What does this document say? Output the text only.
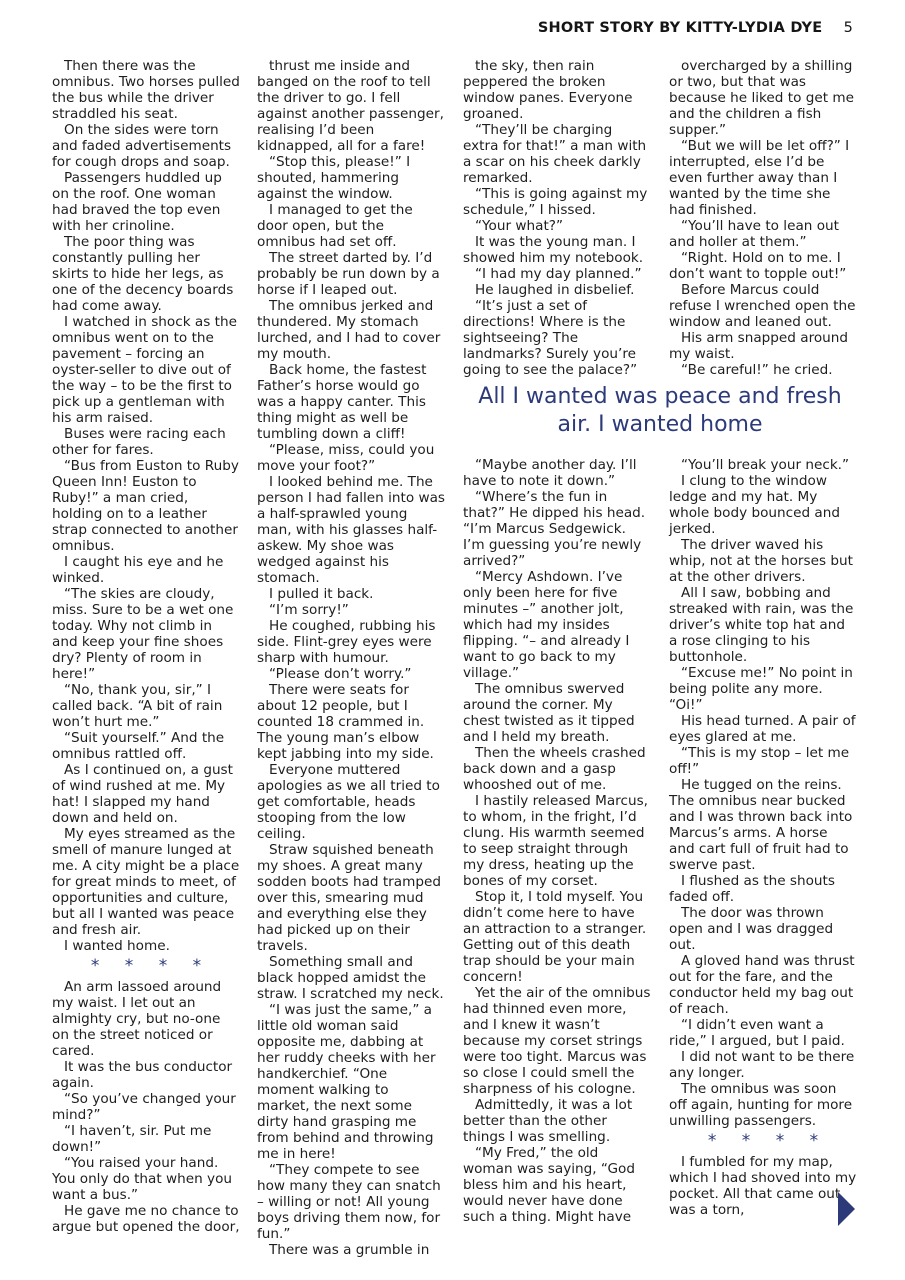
SHORT STORY BY KITTY-LYDIA DYE 5

Then there was the omnibus. Two horses pulled the bus while the driver straddled his seat.

On the sides were torn and faded advertisements for cough drops and soap.

Passengers huddled up on the roof. One woman had braved the top even with her crinoline.

The poor thing was constantly pulling her skirts to hide her legs, as one of the decency boards had come away.

I watched in shock as the omnibus went on to the pavement – forcing an oyster-seller to dive out of the way – to be the first to pick up a gentleman with his arm raised.

Buses were racing each other for fares.

“Bus from Euston to Ruby Queen Inn! Euston to Ruby!” a man cried, holding on to a leather strap connected to another omnibus.

I caught his eye and he winked.

“The skies are cloudy, miss. Sure to be a wet one today. Why not climb in and keep your fine shoes dry? Plenty of room in here!”

“No, thank you, sir,” I called back. “A bit of rain won’t hurt me.”

“Suit yourself.” And the omnibus rattled off.

As I continued on, a gust of wind rushed at me. My hat! I slapped my hand down and held on.

My eyes streamed as the smell of manure lunged at me. A city might be a place for great minds to meet, of opportunities and culture, but all I wanted was peace and fresh air.

I wanted home.

* * * *

An arm lassoed around my waist. I let out an almighty cry, but no-one on the street noticed or cared.

It was the bus conductor again.

“So you’ve changed your mind?”

“I haven’t, sir. Put me down!”

“You raised your hand. You only do that when you want a bus.”

He gave me no chance to argue but opened the door,

thrust me inside and banged on the roof to tell the driver to go. I fell against another passenger, realising I’d been kidnapped, all for a fare!

“Stop this, please!” I shouted, hammering against the window.

I managed to get the door open, but the omnibus had set off.

The street darted by. I’d probably be run down by a horse if I leaped out.

The omnibus jerked and thundered. My stomach lurched, and I had to cover my mouth.

Back home, the fastest Father’s horse would go was a happy canter. This thing might as well be tumbling down a cliff!

“Please, miss, could you move your foot?”

I looked behind me. The person I had fallen into was a half-sprawled young man, with his glasses half-askew. My shoe was wedged against his stomach.

I pulled it back.

“I’m sorry!”

He coughed, rubbing his side. Flint-grey eyes were sharp with humour.

“Please don’t worry.”

There were seats for about 12 people, but I counted 18 crammed in. The young man’s elbow kept jabbing into my side.

Everyone muttered apologies as we all tried to get comfortable, heads stooping from the low ceiling.

Straw squished beneath my shoes. A great many sodden boots had tramped over this, smearing mud and everything else they had picked up on their travels.

Something small and black hopped amidst the straw. I scratched my neck.

“I was just the same,” a little old woman said opposite me, dabbing at her ruddy cheeks with her handkerchief. “One moment walking to market, the next some dirty hand grasping me from behind and throwing me in here!

“They compete to see how many they can snatch – willing or not! All young boys driving them now, for fun.”

There was a grumble in

the sky, then rain peppered the broken window panes. Everyone groaned.

“They’ll be charging extra for that!” a man with a scar on his cheek darkly remarked.

“This is going against my schedule,” I hissed.

“Your what?”

It was the young man. I showed him my notebook.

“I had my day planned.”

He laughed in disbelief.

“It’s just a set of directions! Where is the sightseeing? The landmarks? Surely you’re going to see the palace?”

overcharged by a shilling or two, but that was because he liked to get me and the children a fish supper.”

“But we will be let off?” I interrupted, else I’d be even further away than I wanted by the time she had finished.

“You’ll have to lean out and holler at them.”

“Right. Hold on to me. I don’t want to topple out!”

Before Marcus could refuse I wrenched open the window and leaned out.

His arm snapped around my waist.

“Be careful!” he cried.

All I wanted was peace and fresh air. I wanted home

“Maybe another day. I’ll have to note it down.”

“Where’s the fun in that?” He dipped his head. “I’m Marcus Sedgewick. I’m guessing you’re newly arrived?”

“Mercy Ashdown. I’ve only been here for five minutes –” another jolt, which had my insides flipping. “– and already I want to go back to my village.”

The omnibus swerved around the corner. My chest twisted as it tipped and I held my breath.

Then the wheels crashed back down and a gasp whooshed out of me.

I hastily released Marcus, to whom, in the fright, I’d clung. His warmth seemed to seep straight through my dress, heating up the bones of my corset.

Stop it, I told myself. You didn’t come here to have an attraction to a stranger. Getting out of this death trap should be your main concern!

Yet the air of the omnibus had thinned even more, and I knew it wasn’t because my corset strings were too tight. Marcus was so close I could smell the sharpness of his cologne.

Admittedly, it was a lot better than the other things I was smelling.

“My Fred,” the old woman was saying, “God bless him and his heart, would never have done such a thing. Might have

“You’ll break your neck.”

I clung to the window ledge and my hat. My whole body bounced and jerked.

The driver waved his whip, not at the horses but at the other drivers.

All I saw, bobbing and streaked with rain, was the driver’s white top hat and a rose clinging to his buttonhole.

“Excuse me!” No point in being polite any more. “Oi!”

His head turned. A pair of eyes glared at me.

“This is my stop – let me off!”

He tugged on the reins. The omnibus near bucked and I was thrown back into Marcus’s arms. A horse and cart full of fruit had to swerve past.

I flushed as the shouts faded off.

The door was thrown open and I was dragged out.

A gloved hand was thrust out for the fare, and the conductor held my bag out of reach.

“I didn’t even want a ride,” I argued, but I paid.

I did not want to be there any longer.

The omnibus was soon off again, hunting for more unwilling passengers.

* * * *

I fumbled for my map, which I had shoved into my pocket. All that came out was a torn,
